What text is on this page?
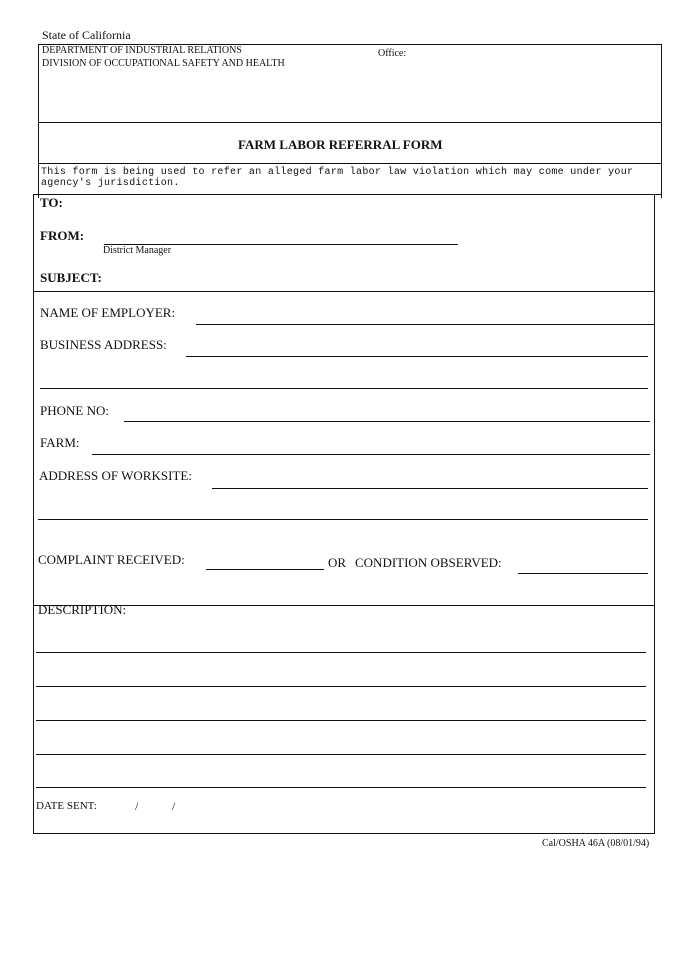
State of California
DEPARTMENT OF INDUSTRIAL RELATIONS
DIVISION OF OCCUPATIONAL SAFETY AND HEALTH
Office:
FARM LABOR REFERRAL FORM
This form is being used to refer an alleged farm labor law violation which may come under your agency's jurisdiction.
TO:
FROM:
District Manager
SUBJECT:
NAME OF EMPLOYER:
BUSINESS ADDRESS:
PHONE NO:
FARM:
ADDRESS OF WORKSITE:
COMPLAINT RECEIVED:	OR CONDITION OBSERVED:
DESCRIPTION:
DATE SENT:	/	/
Cal/OSHA 46A (08/01/94)
